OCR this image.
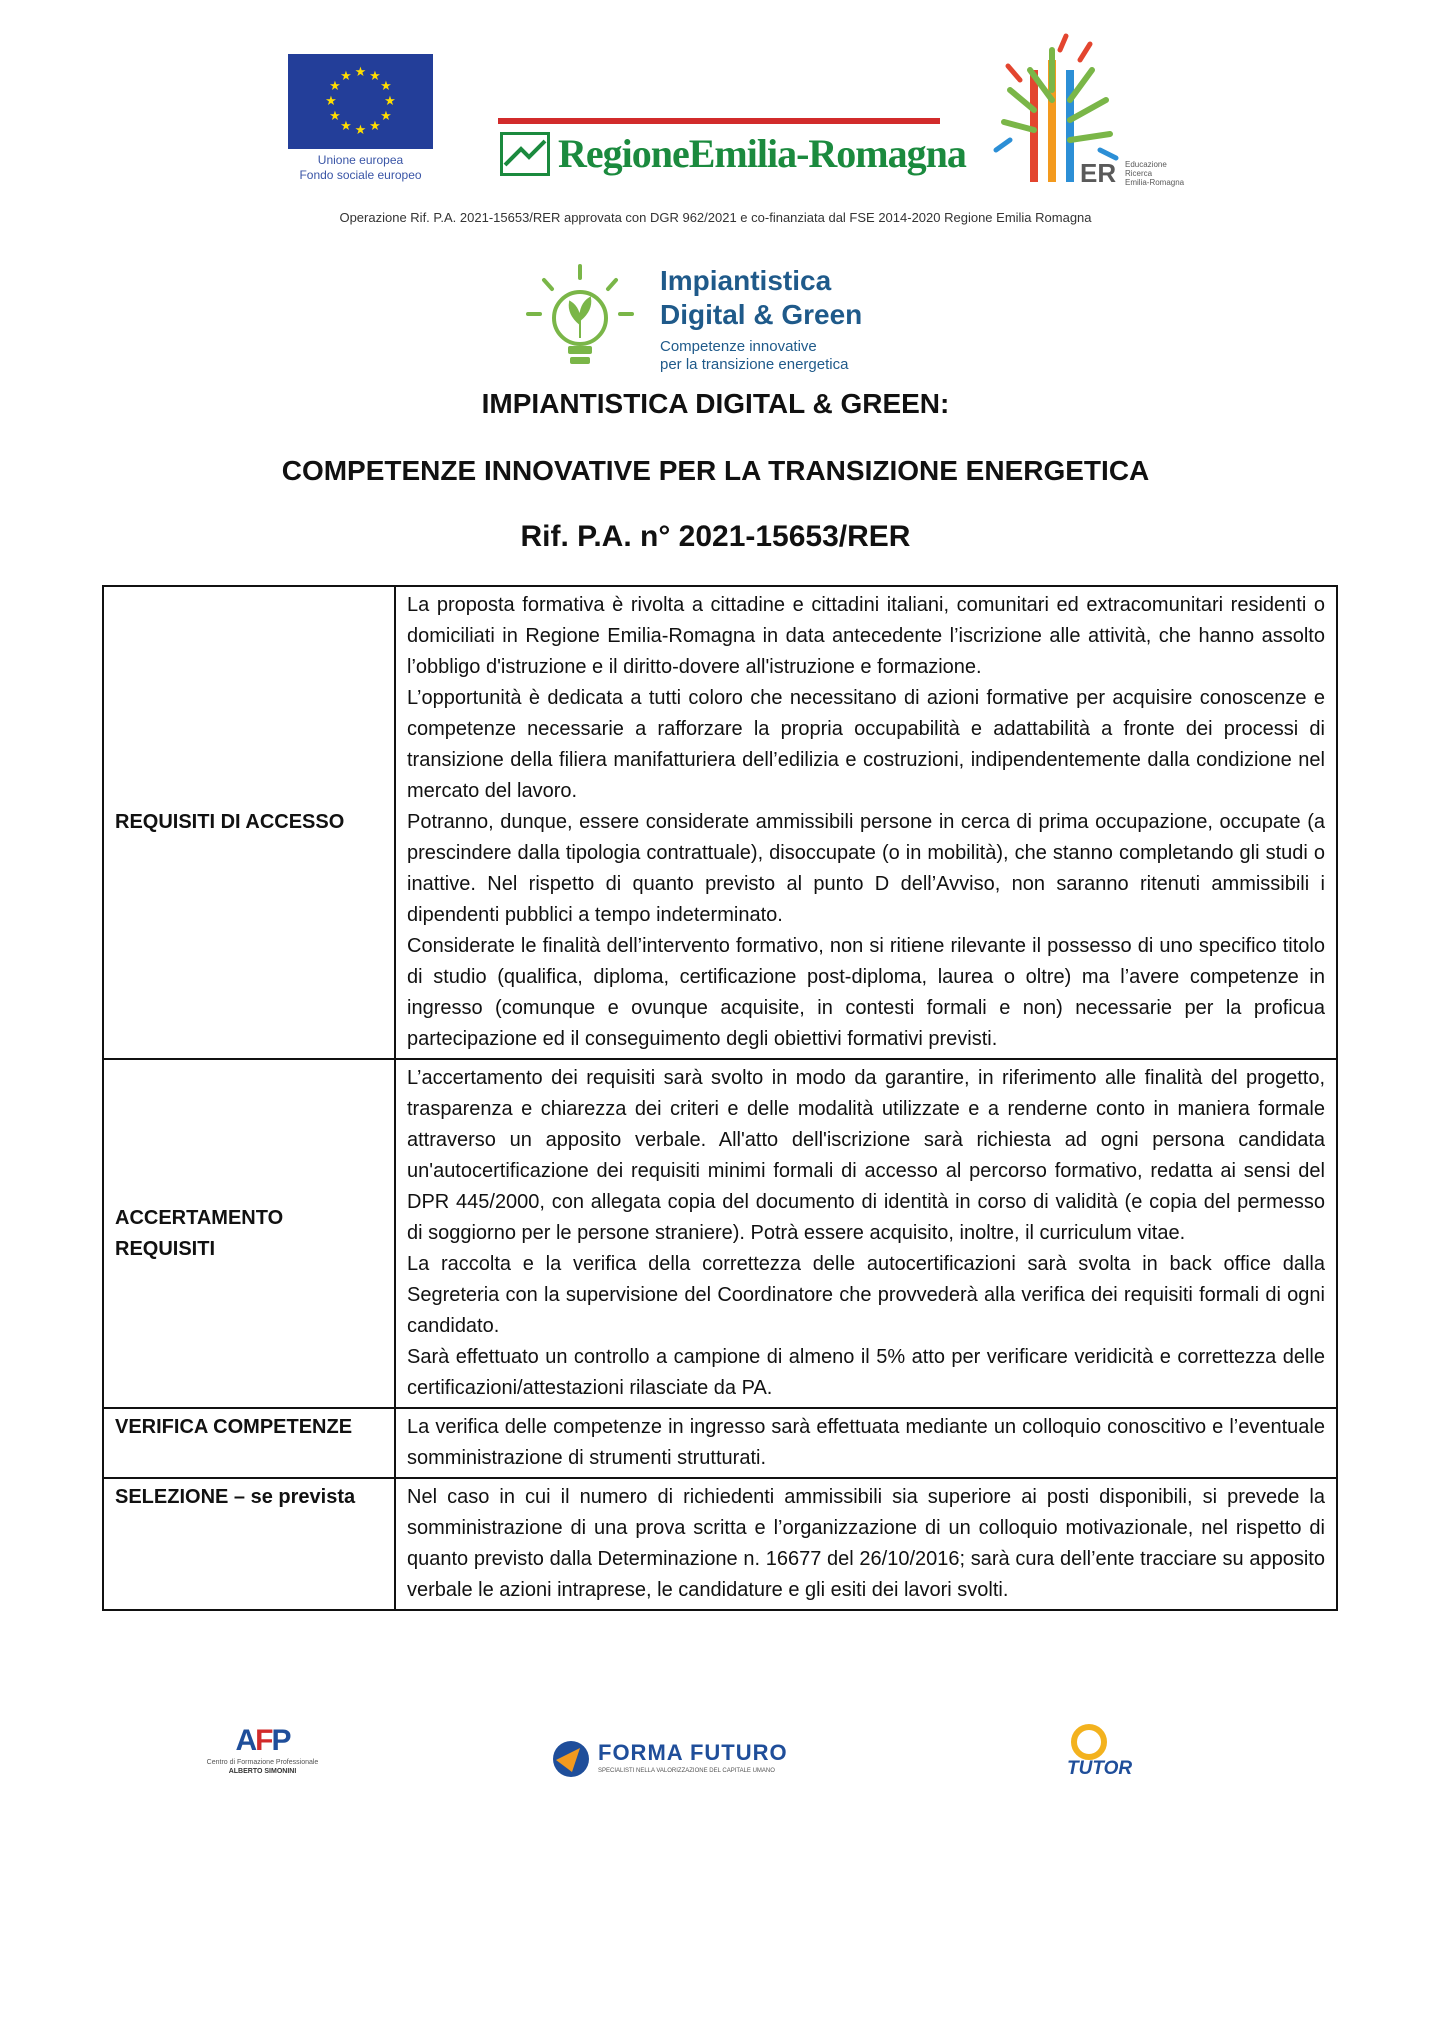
★ ★
★
★
★
★
★
★
★
★
★
★
Unione europea
Fondo sociale europeo	RegioneEmilia-Romagna	ER Educazione
Ricerca
Emilia-Romagna
Operazione Rif. P.A. 2021-15653/RER approvata con DGR 962/2021 e co-finanziata dal FSE 2014-2020 Regione Emilia Romagna
Impiantistica
Digital & Green
Competenze innovative
per la transizione energetica
IMPIANTISTICA DIGITAL & GREEN:
COMPETENZE INNOVATIVE PER LA TRANSIZIONE ENERGETICA
Rif. P.A. n° 2021-15653/RER
REQUISITI DI ACCESSO	La proposta formativa è rivolta a cittadine e cittadini italiani, comunitari ed extracomunitari residenti o domiciliati in Regione Emilia-Romagna in data antecedente l’iscrizione alle attività, che hanno assolto l’obbligo d'istruzione e il diritto-dovere all'istruzione e formazione.

L’opportunità è dedicata a tutti coloro che necessitano di azioni formative per acquisire conoscenze e competenze necessarie a rafforzare la propria occupabilità e adattabilità a fronte dei processi di transizione della filiera manifatturiera dell’edilizia e costruzioni, indipendentemente dalla condizione nel mercato del lavoro.

Potranno, dunque, essere considerate ammissibili persone in cerca di prima occupazione, occupate (a prescindere dalla tipologia contrattuale), disoccupate (o in mobilità), che stanno completando gli studi o inattive. Nel rispetto di quanto previsto al punto D dell’Avviso, non saranno ritenuti ammissibili i dipendenti pubblici a tempo indeterminato.

Considerate le finalità dell’intervento formativo, non si ritiene rilevante il possesso di uno specifico titolo di studio (qualifica, diploma, certificazione post-diploma, laurea o oltre) ma l’avere competenze in ingresso (comunque e ovunque acquisite, in contesti formali e non) necessarie per la proficua partecipazione ed il conseguimento degli obiettivi formativi previsti.

ACCERTAMENTO REQUISITI	L’accertamento dei requisiti sarà svolto in modo da garantire, in riferimento alle finalità del progetto, trasparenza e chiarezza dei criteri e delle modalità utilizzate e a renderne conto in maniera formale attraverso un apposito verbale. All'atto dell'iscrizione sarà richiesta ad ogni persona candidata un'autocertificazione dei requisiti minimi formali di accesso al percorso formativo, redatta ai sensi del DPR 445/2000, con allegata copia del documento di identità in corso di validità (e copia del permesso di soggiorno per le persone straniere). Potrà essere acquisito, inoltre, il curriculum vitae.

La raccolta e la verifica della correttezza delle autocertificazioni sarà svolta in back office dalla Segreteria con la supervisione del Coordinatore che provvederà alla verifica dei requisiti formali di ogni candidato.

Sarà effettuato un controllo a campione di almeno il 5% atto per verificare veridicità e correttezza delle certificazioni/attestazioni rilasciate da PA.

VERIFICA COMPETENZE	La verifica delle competenze in ingresso sarà effettuata mediante un colloquio conoscitivo e l’eventuale somministrazione di strumenti strutturati.

SELEZIONE – se prevista	Nel caso in cui il numero di richiedenti ammissibili sia superiore ai posti disponibili, si prevede la somministrazione di una prova scritta e l’organizzazione di un colloquio motivazionale, nel rispetto di quanto previsto dalla Determinazione n. 16677 del 26/10/2016; sarà cura dell’ente tracciare su apposito verbale le azioni intraprese, le candidature e gli esiti dei lavori svolti.

AFP
Centro di Formazione Professionale
ALBERTO SIMONINI
FORMA FUTURO
SPECIALISTI NELLA VALORIZZAZIONE DEL CAPITALE UMANO	TUTOR
